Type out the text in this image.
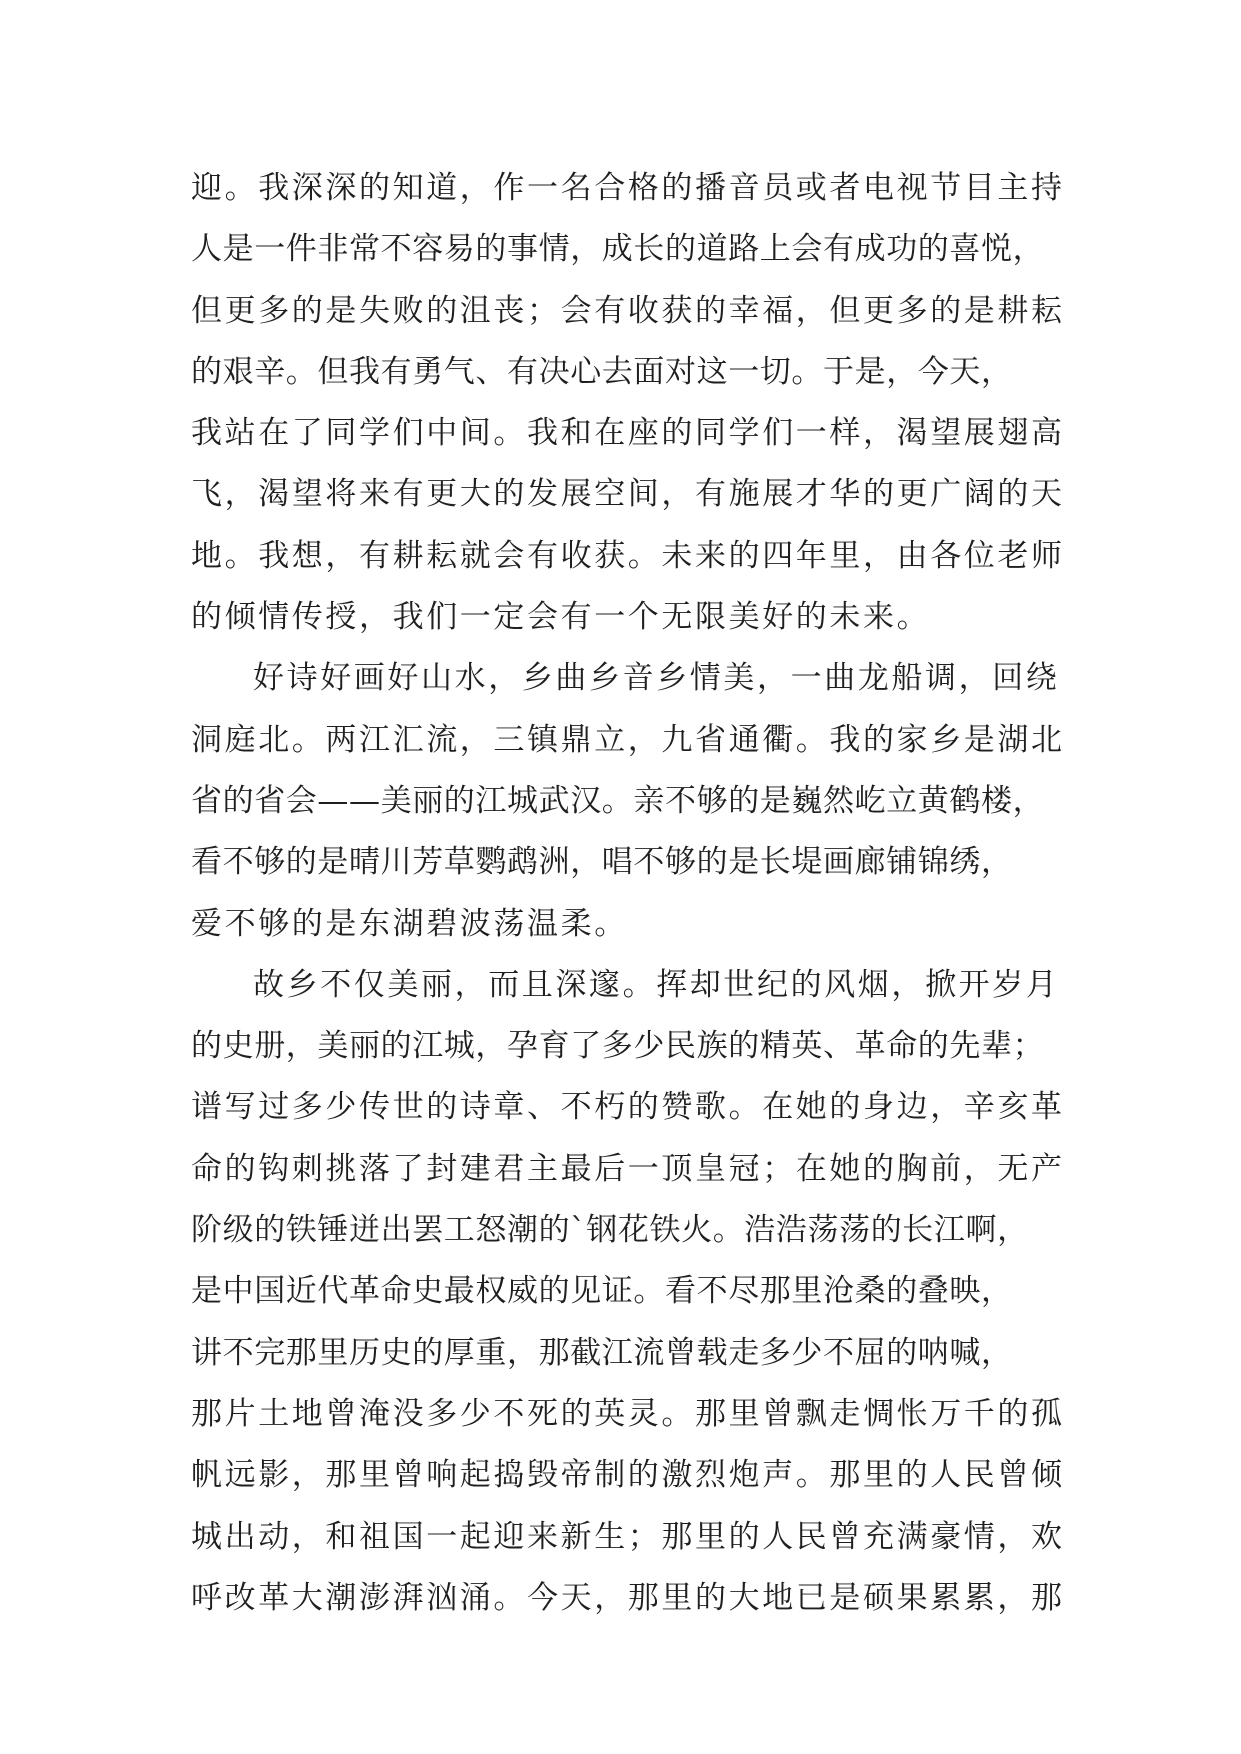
迎。我深深的知道，作一名合格的播音员或者电视节目主持
人是一件非常不容易的事情，成长的道路上会有成功的喜悦，
但更多的是失败的沮丧；会有收获的幸福，但更多的是耕耘
的艰辛。但我有勇气、有决心去面对这一切。于是，今天，
我站在了同学们中间。我和在座的同学们一样，渴望展翅高
飞，渴望将来有更大的发展空间，有施展才华的更广阔的天
地。我想，有耕耘就会有收获。未来的四年里，由各位老师
的倾情传授，我们一定会有一个无限美好的未来。
好诗好画好山水，乡曲乡音乡情美，一曲龙船调，回绕
洞庭北。两江汇流，三镇鼎立，九省通衢。我的家乡是湖北
省的省会——美丽的江城武汉。亲不够的是巍然屹立黄鹤楼，
看不够的是晴川芳草鹦鹉洲，唱不够的是长堤画廊铺锦绣，
爱不够的是东湖碧波荡温柔。
故乡不仅美丽，而且深邃。挥却世纪的风烟，掀开岁月
的史册，美丽的江城，孕育了多少民族的精英、革命的先辈；
谱写过多少传世的诗章、不朽的赞歌。在她的身边，辛亥革
命的钩刺挑落了封建君主最后一顶皇冠；在她的胸前，无产
阶级的铁锤迸出罢工怒潮的`钢花铁火。浩浩荡荡的长江啊，
是中国近代革命史最权威的见证。看不尽那里沧桑的叠映，
讲不完那里历史的厚重，那截江流曾载走多少不屈的呐喊，
那片土地曾淹没多少不死的英灵。那里曾飘走惆怅万千的孤
帆远影，那里曾响起捣毁帝制的激烈炮声。那里的人民曾倾
城出动，和祖国一起迎来新生；那里的人民曾充满豪情，欢
呼改革大潮澎湃汹涌。今天，那里的大地已是硕果累累，那
